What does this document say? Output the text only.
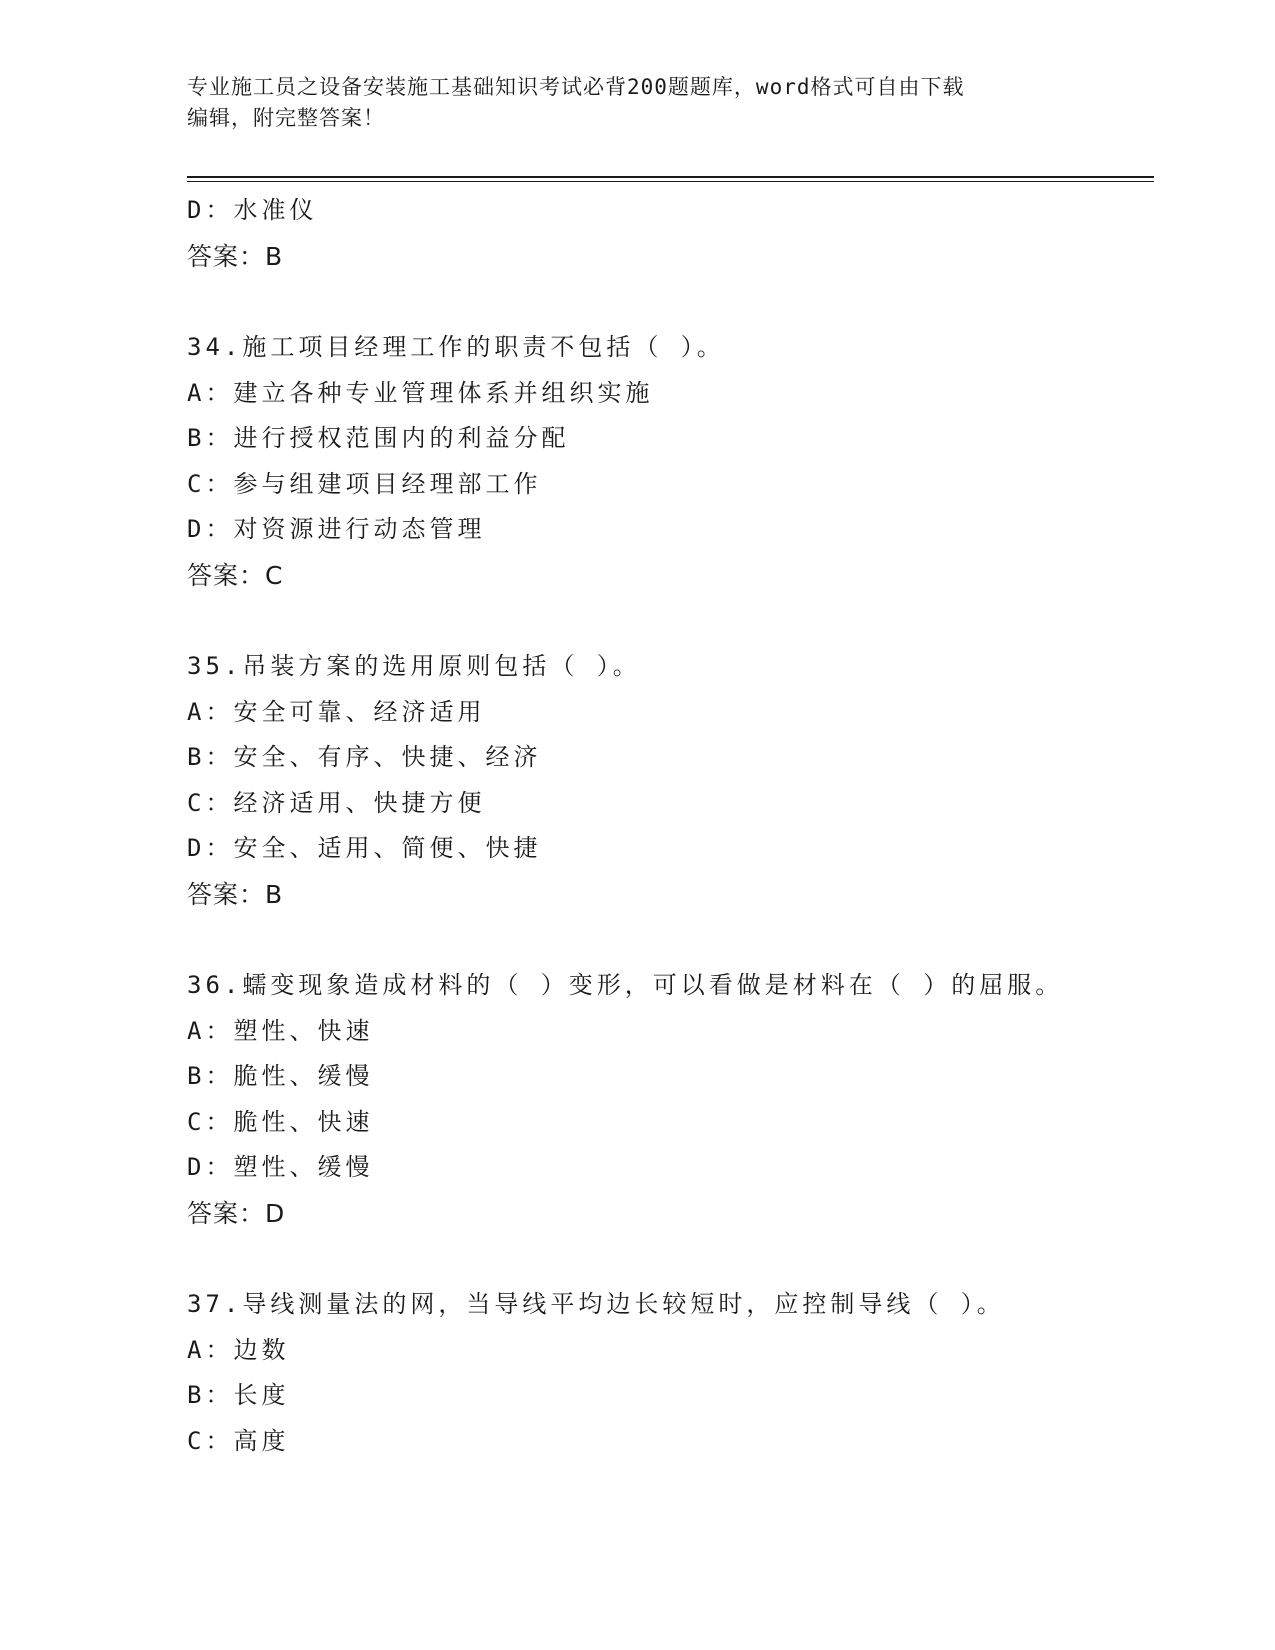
专业施工员之设备安装施工基础知识考试必背200题题库，word格式可自由下载
编辑，附完整答案！
D：水准仪
答案：B
34.施工项目经理工作的职责不包括（ ）。
A：建立各种专业管理体系并组织实施
B：进行授权范围内的利益分配
C：参与组建项目经理部工作
D：对资源进行动态管理
答案：C
35.吊装方案的选用原则包括（ ）。
A：安全可靠、经济适用
B：安全、有序、快捷、经济
C：经济适用、快捷方便
D：安全、适用、简便、快捷
答案：B
36.蠕变现象造成材料的（ ）变形，可以看做是材料在（ ）的屈服。
A：塑性、快速
B：脆性、缓慢
C：脆性、快速
D：塑性、缓慢
答案：D
37.导线测量法的网，当导线平均边长较短时，应控制导线（ ）。
A：边数
B：长度
C：高度
